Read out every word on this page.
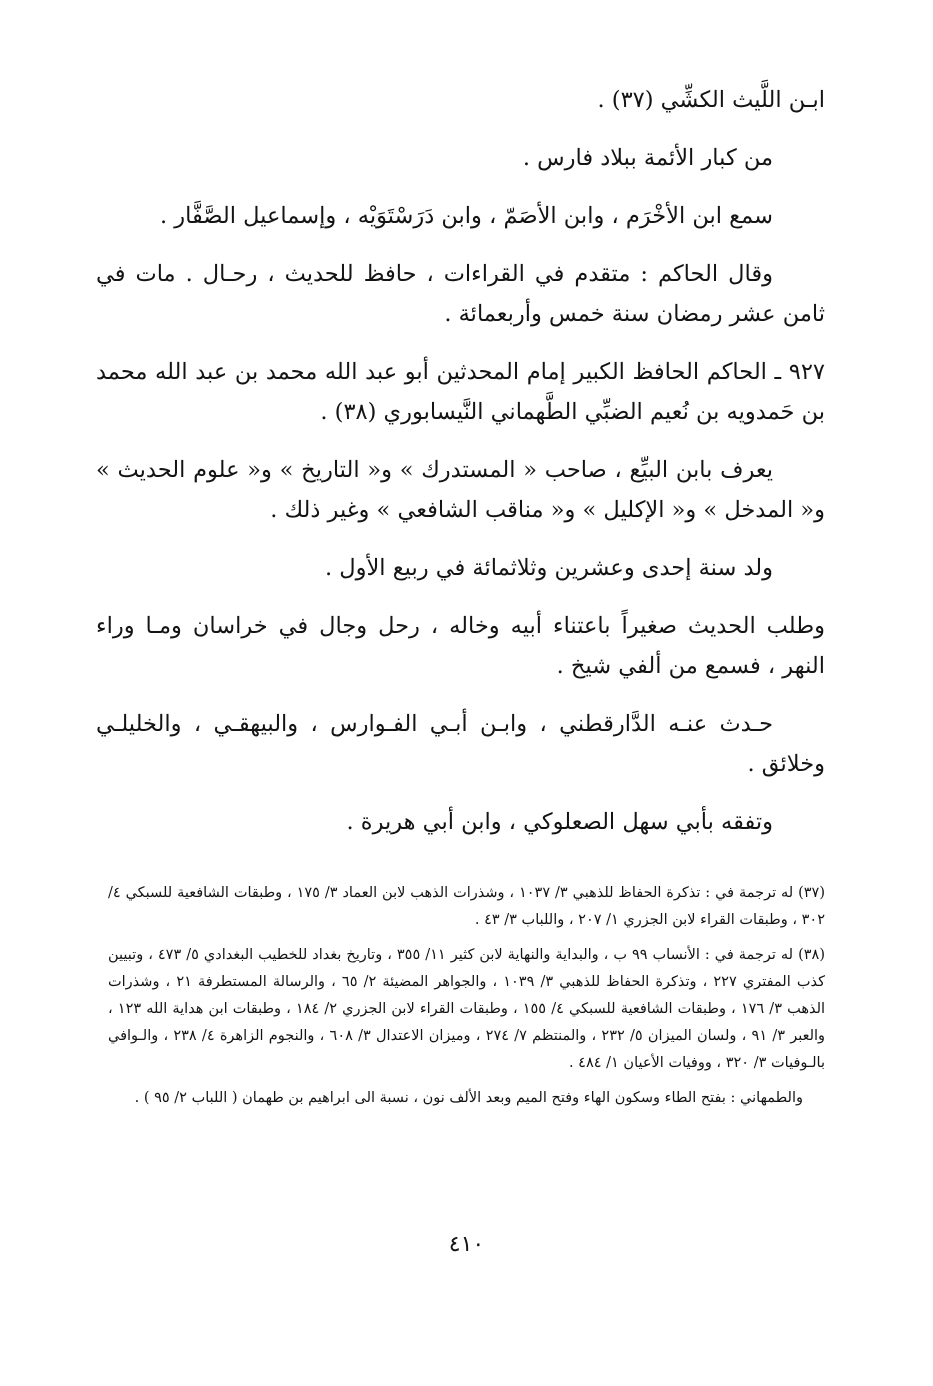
ابـن اللَّيث الكشِّي (٣٧) .

من كبار الأئمة ببلاد فارس .

سمع ابن الأخْرَم ، وابن الأصَمّ ، وابن دَرَسْتَوَيْه ، وإسماعيل الصَّفَّار .

وقال الحاكم : متقدم في القراءات ، حافظ للحديث ، رحـال . مات في ثامن عشر رمضان سنة خمس وأربعمائة .

٩٢٧ ـ الحاكم الحافظ الكبير إمام المحدثين أبو عبد الله محمد بن عبد الله محمد بن حَمدويه بن نُعيم الضبِّي الطَّهماني النَّيسابوري (٣٨) .

يعرف بابن البيِّع ، صاحب « المستدرك » و« التاريخ » و« علوم الحديث » و« المدخل » و« الإكليل » و« مناقب الشافعي » وغير ذلك .

ولد سنة إحدى وعشرين وثلاثمائة في ربيع الأول .

وطلب الحديث صغيراً باعتناء أبيه وخاله ، رحل وجال في خراسان ومـا وراء النهر ، فسمع من ألفي شيخ .

حـدث عنـه الدَّارقطني ، وابـن أبـي الفـوارس ، والبيهقـي ، والخليلـي وخلائق .

وتفقه بأبي سهل الصعلوكي ، وابن أبي هريرة .

(٣٧) له ترجمة في : تذكرة الحفاظ للذهبي ٣/ ١٠٣٧ ، وشذرات الذهب لابن العماد ٣/ ١٧٥ ، وطبقات الشافعية للسبكي ٤/ ٣٠٢ ، وطبقات القراء لابن الجزري ١/ ٢٠٧ ، واللباب ٣/ ٤٣ .

(٣٨) له ترجمة في : الأنساب ٩٩ ب ، والبداية والنهاية لابن كثير ١١/ ٣٥٥ ، وتاريخ بغداد للخطيب البغدادي ٥/ ٤٧٣ ، وتبيين كذب المفتري ٢٢٧ ، وتذكرة الحفاظ للذهبي ٣/ ١٠٣٩ ، والجواهر المضيئة ٢/ ٦٥ ، والرسالة المستطرفة ٢١ ، وشذرات الذهب ٣/ ١٧٦ ، وطبقات الشافعية للسبكي ٤/ ١٥٥ ، وطبقات القراء لابن الجزري ٢/ ١٨٤ ، وطبقات ابن هداية الله ١٢٣ ، والعبر ٣/ ٩١ ، ولسان الميزان ٥/ ٢٣٢ ، والمنتظم ٧/ ٢٧٤ ، وميزان الاعتدال ٣/ ٦٠٨ ، والنجوم الزاهرة ٤/ ٢٣٨ ، والـوافي بالـوفيات ٣/ ٣٢٠ ، ووفيات الأعيان ١/ ٤٨٤ .

والطمهاني : بفتح الطاء وسكون الهاء وفتح الميم وبعد الألف نون ، نسبة الى ابراهيم بن طهمان ( اللباب ٢/ ٩٥ ) .

٤١٠
